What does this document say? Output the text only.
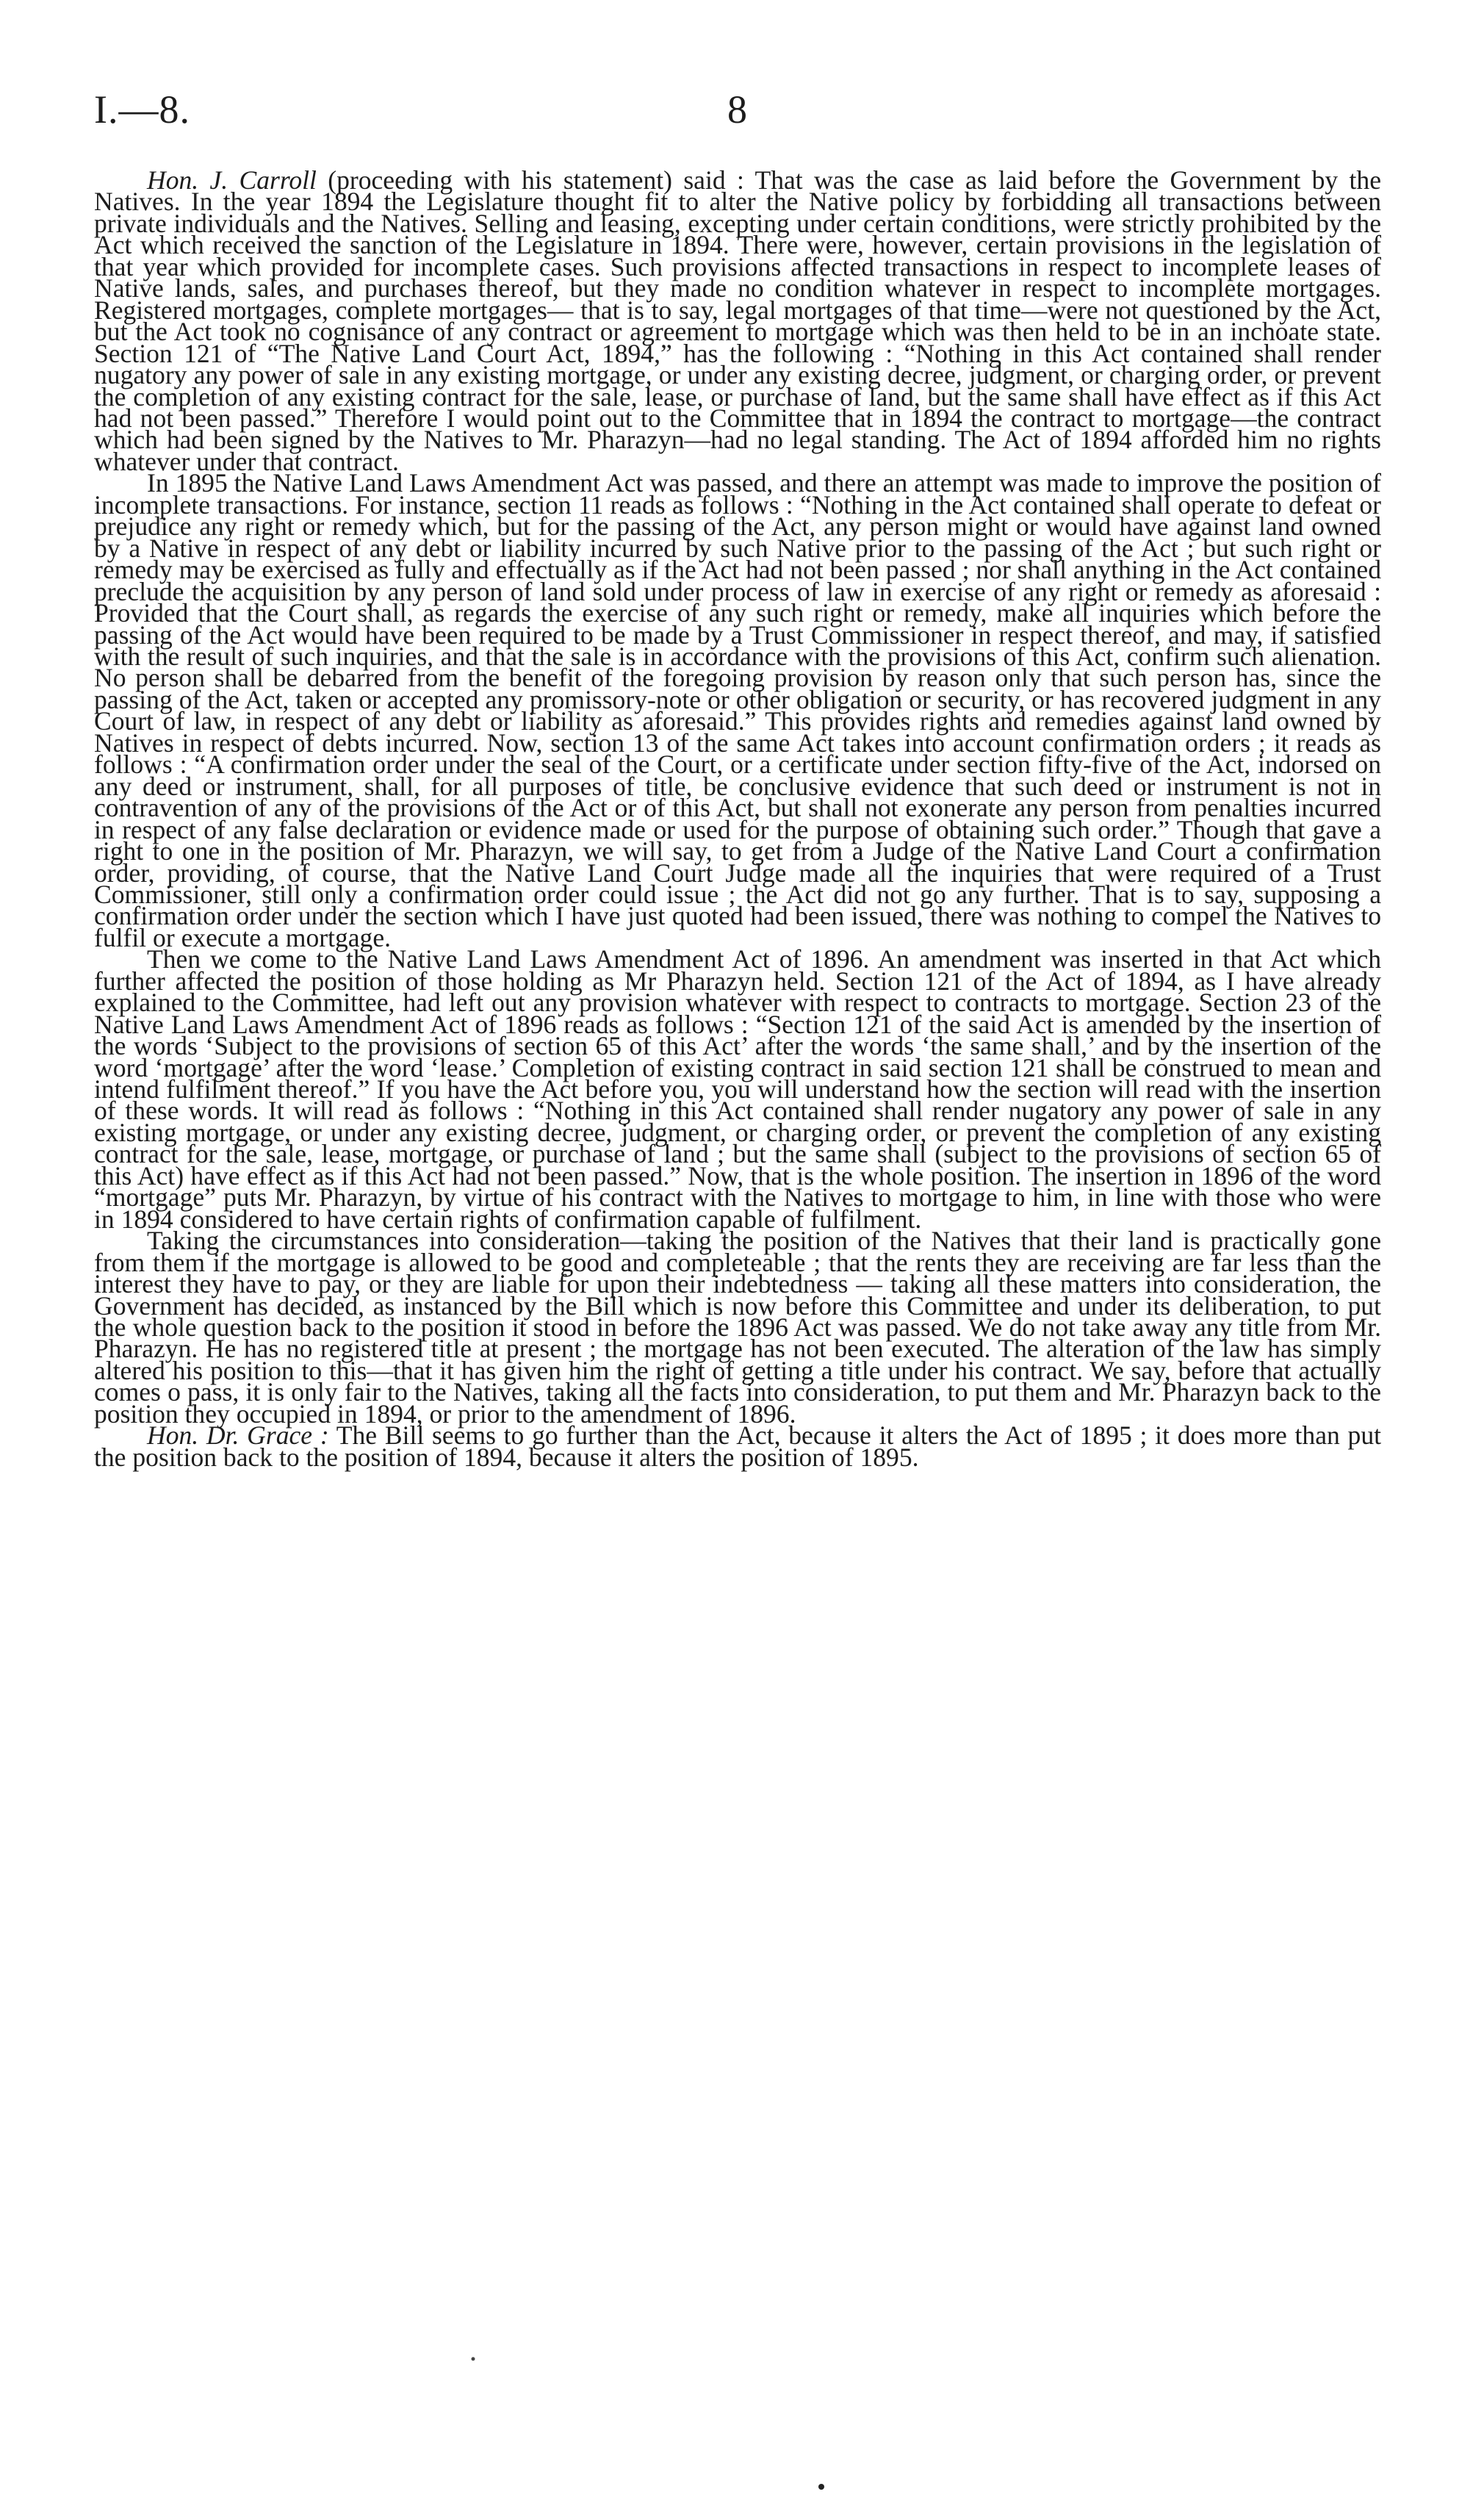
I.—8.	8

Hon. J. Carroll (proceeding with his statement) said : That was the case as laid before the Government by the Natives. In the year 1894 the Legislature thought fit to alter the Native policy by forbidding all transactions between private individuals and the Natives. Selling and leasing, excepting under certain conditions, were strictly prohibited by the Act which received the sanction of the Legislature in 1894. There were, however, certain provisions in the legislation of that year which provided for incomplete cases. Such provisions affected transactions in respect to incomplete leases of Native lands, sales, and purchases thereof, but they made no condition whatever in respect to incomplete mortgages. Registered mortgages, complete mortgages— that is to say, legal mortgages of that time—were not questioned by the Act, but the Act took no cognisance of any contract or agreement to mortgage which was then held to be in an inchoate state. Section 121 of “The Native Land Court Act, 1894,” has the following : “Nothing in this Act contained shall render nugatory any power of sale in any existing mortgage, or under any existing decree, judgment, or charging order, or prevent the completion of any existing contract for the sale, lease, or purchase of land, but the same shall have effect as if this Act had not been passed.” Therefore I would point out to the Committee that in 1894 the contract to mortgage—the contract which had been signed by the Natives to Mr. Pharazyn—had no legal standing. The Act of 1894 afforded him no rights whatever under that contract.

In 1895 the Native Land Laws Amendment Act was passed, and there an attempt was made to improve the position of incomplete transactions. For instance, section 11 reads as follows : “Nothing in the Act contained shall operate to defeat or prejudice any right or remedy which, but for the passing of the Act, any person might or would have against land owned by a Native in respect of any debt or liability incurred by such Native prior to the passing of the Act ; but such right or remedy may be exercised as fully and effectually as if the Act had not been passed ; nor shall anything in the Act contained preclude the acquisition by any person of land sold under process of law in exercise of any right or remedy as aforesaid : Provided that the Court shall, as regards the exercise of any such right or remedy, make all inquiries which before the passing of the Act would have been required to be made by a Trust Commissioner in respect thereof, and may, if satisfied with the result of such inquiries, and that the sale is in accordance with the provisions of this Act, confirm such alienation. No person shall be debarred from the benefit of the foregoing provision by reason only that such person has, since the passing of the Act, taken or accepted any promissory-note or other obligation or security, or has recovered judgment in any Court of law, in respect of any debt or liability as aforesaid.” This provides rights and remedies against land owned by Natives in respect of debts incurred. Now, section 13 of the same Act takes into account confirmation orders ; it reads as follows : “A confirmation order under the seal of the Court, or a certificate under section fifty-five of the Act, indorsed on any deed or instrument, shall, for all purposes of title, be conclusive evidence that such deed or instrument is not in contravention of any of the provisions of the Act or of this Act, but shall not exonerate any person from penalties incurred in respect of any false declaration or evidence made or used for the purpose of obtaining such order.” Though that gave a right to one in the position of Mr. Pharazyn, we will say, to get from a Judge of the Native Land Court a confirmation order, providing, of course, that the Native Land Court Judge made all the inquiries that were required of a Trust Commissioner, still only a confirmation order could issue ; the Act did not go any further. That is to say, supposing a confirmation order under the section which I have just quoted had been issued, there was nothing to compel the Natives to fulfil or execute a mortgage.

Then we come to the Native Land Laws Amendment Act of 1896. An amendment was inserted in that Act which further affected the position of those holding as Mr Pharazyn held. Section 121 of the Act of 1894, as I have already explained to the Committee, had left out any provision whatever with respect to contracts to mortgage. Section 23 of the Native Land Laws Amendment Act of 1896 reads as follows : “Section 121 of the said Act is amended by the insertion of the words ‘Subject to the provisions of section 65 of this Act’ after the words ‘the same shall,’ and by the insertion of the word ‘mortgage’ after the word ‘lease.’ Completion of existing contract in said section 121 shall be construed to mean and intend fulfilment thereof.” If you have the Act before you, you will understand how the section will read with the insertion of these words. It will read as follows : “Nothing in this Act contained shall render nugatory any power of sale in any existing mortgage, or under any existing decree, judgment, or charging order, or prevent the completion of any existing contract for the sale, lease, mortgage, or purchase of land ; but the same shall (subject to the provisions of section 65 of this Act) have effect as if this Act had not been passed.” Now, that is the whole position. The insertion in 1896 of the word “mortgage” puts Mr. Pharazyn, by virtue of his contract with the Natives to mortgage to him, in line with those who were in 1894 considered to have certain rights of confirmation capable of fulfilment.

Taking the circumstances into consideration—taking the position of the Natives that their land is practically gone from them if the mortgage is allowed to be good and completeable ; that the rents they are receiving are far less than the interest they have to pay, or they are liable for upon their indebtedness — taking all these matters into consideration, the Government has decided, as instanced by the Bill which is now before this Committee and under its deliberation, to put the whole question back to the position it stood in before the 1896 Act was passed. We do not take away any title from Mr. Pharazyn. He has no registered title at present ; the mortgage has not been executed. The alteration of the law has simply altered his position to this—that it has given him the right of getting a title under his contract. We say, before that actually comes o pass, it is only fair to the Natives, taking all the facts into consideration, to put them and Mr. Pharazyn back to the position they occupied in 1894, or prior to the amendment of 1896.

Hon. Dr. Grace : The Bill seems to go further than the Act, because it alters the Act of 1895 ; it does more than put the position back to the position of 1894, because it alters the position of 1895.
